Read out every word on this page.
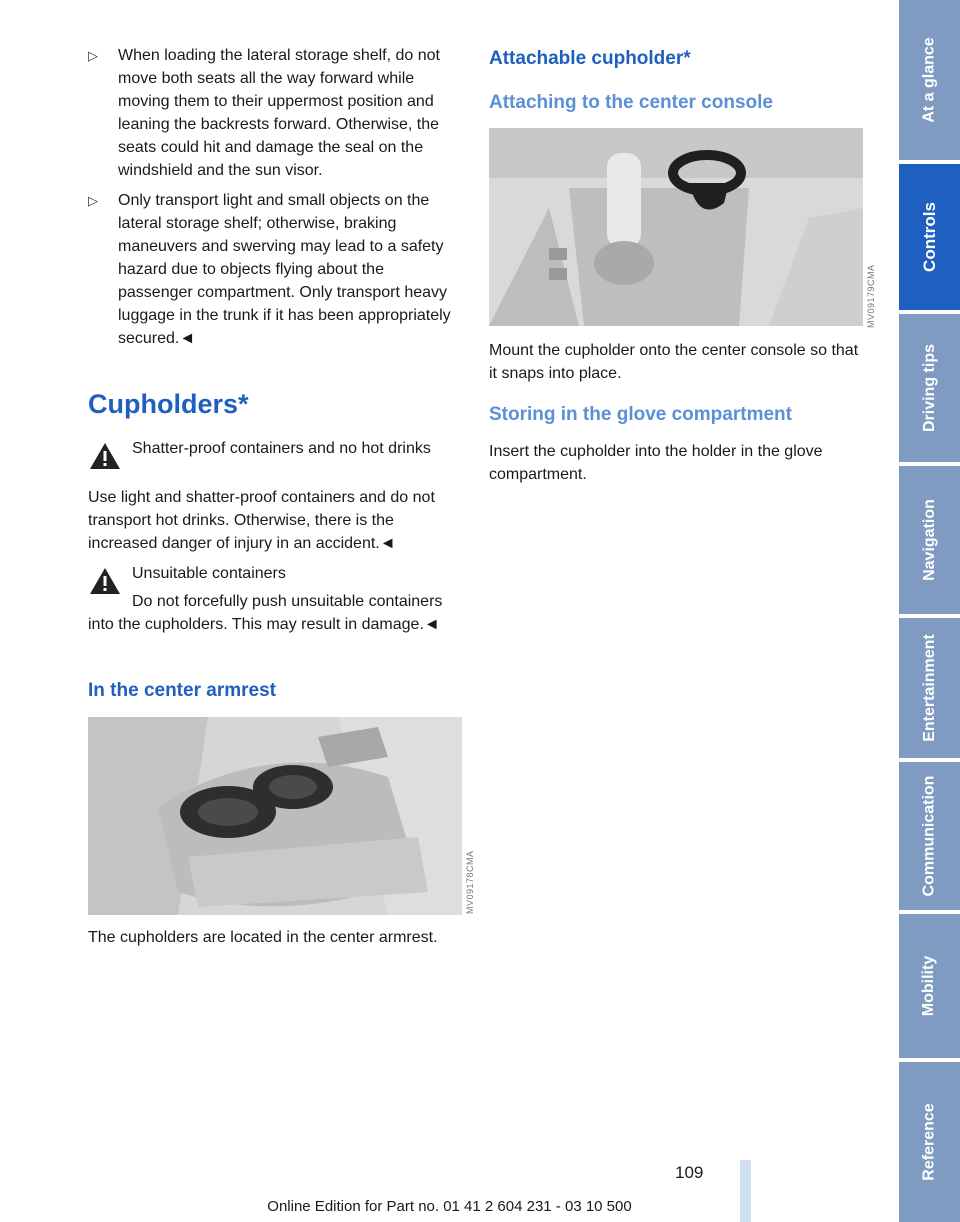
▷ When loading the lateral storage shelf, do not move both seats all the way forward while moving them to their uppermost position and leaning the backrests forward. Otherwise, the seats could hit and damage the seal on the windshield and the sun visor.
▷ Only transport light and small objects on the lateral storage shelf; otherwise, braking maneuvers and swerving may lead to a safety hazard due to objects flying about the passenger compartment. Only transport heavy luggage in the trunk if it has been appropriately secured.◄
Cupholders*
Shatter-proof containers and no hot drinks
Use light and shatter-proof containers and do not transport hot drinks. Otherwise, there is the increased danger of injury in an accident.◄
Unsuitable containers
Do not forcefully push unsuitable containers into the cupholders. This may result in damage.◄
In the center armrest
MV09178CMA
The cupholders are located in the center armrest.
Attachable cupholder*
Attaching to the center console
MV09179CMA
Mount the cupholder onto the center console so that it snaps into place.
Storing in the glove compartment
Insert the cupholder into the holder in the glove compartment.
At a glance
Controls
Driving tips
Navigation
Entertainment
Communication
Mobility
Reference
109
Online Edition for Part no. 01 41 2 604 231 - 03 10 500
